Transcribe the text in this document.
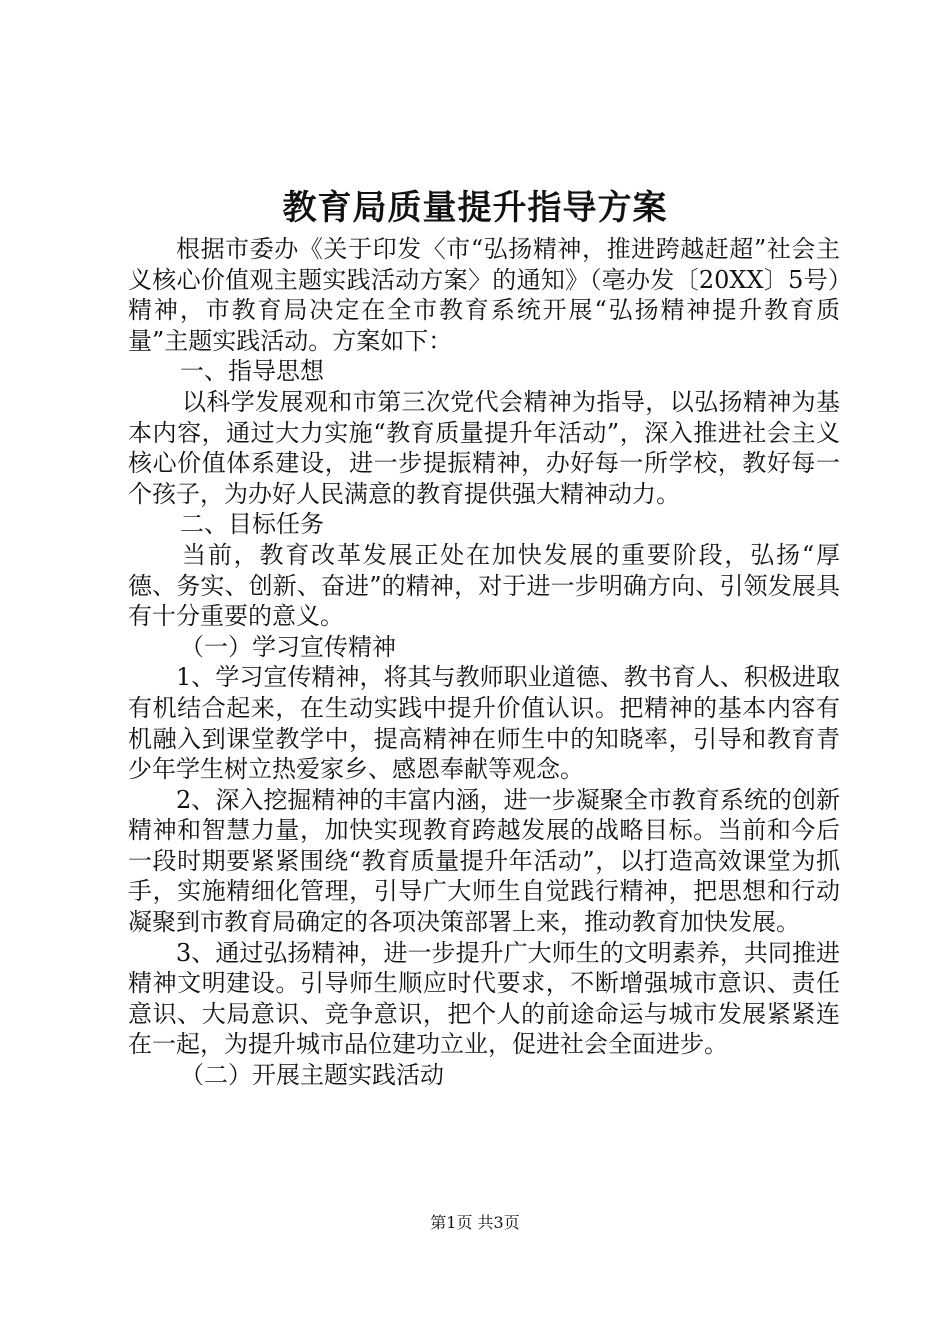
教育局质量提升指导方案

根据市委办《关于印发〈市“弘扬精神，推进跨越赶超”社会主义核心价值观主题实践活动方案〉的通知》（亳办发〔20XX〕5号）精神，市教育局决定在全市教育系统开展“弘扬精神提升教育质量”主题实践活动。方案如下：

一、指导思想

以科学发展观和市第三次党代会精神为指导，以弘扬精神为基本内容，通过大力实施“教育质量提升年活动”，深入推进社会主义核心价值体系建设，进一步提振精神，办好每一所学校，教好每一个孩子，为办好人民满意的教育提供强大精神动力。

二、目标任务

当前，教育改革发展正处在加快发展的重要阶段，弘扬“厚德、务实、创新、奋进”的精神，对于进一步明确方向、引领发展具有十分重要的意义。

（一）学习宣传精神

1、学习宣传精神，将其与教师职业道德、教书育人、积极进取有机结合起来，在生动实践中提升价值认识。把精神的基本内容有机融入到课堂教学中，提高精神在师生中的知晓率，引导和教育青少年学生树立热爱家乡、感恩奉献等观念。

2、深入挖掘精神的丰富内涵，进一步凝聚全市教育系统的创新精神和智慧力量，加快实现教育跨越发展的战略目标。当前和今后一段时期要紧紧围绕“教育质量提升年活动”，以打造高效课堂为抓手，实施精细化管理，引导广大师生自觉践行精神，把思想和行动凝聚到市教育局确定的各项决策部署上来，推动教育加快发展。

3、通过弘扬精神，进一步提升广大师生的文明素养，共同推进精神文明建设。引导师生顺应时代要求，不断增强城市意识、责任意识、大局意识、竞争意识，把个人的前途命运与城市发展紧紧连在一起，为提升城市品位建功立业，促进社会全面进步。

（二）开展主题实践活动

第1页 共3页
